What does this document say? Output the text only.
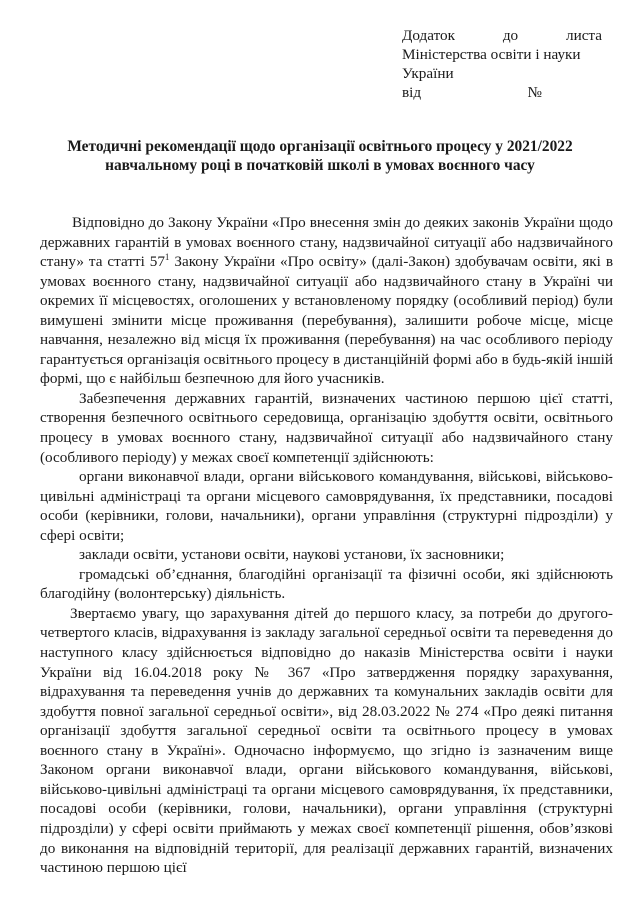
Додаток	до	листа
Міністерства освіти і науки
України
від	№
Методичні рекомендації щодо організації освітнього процесу у 2021/2022 навчальному році в початковій школі в умовах воєнного часу

Відповідно до Закону України «Про внесення змін до деяких законів України щодо державних гарантій в умовах воєнного стану, надзвичайної ситуації або надзвичайного стану» та статті $57^1$ Закону України «Про освіту» (далі-Закон) здобувачам освіти, які в умовах воєнного стану, надзвичайної ситуації або надзвичайного стану в Україні чи окремих її місцевостях, оголошених у встановленому порядку (особливий період) були вимушені змінити місце проживання (перебування), залишити робоче місце, місце навчання, незалежно від місця їх проживання (перебування) на час особливого періоду гарантується організація освітнього процесу в дистанційній формі або в будь-якій іншій формі, що є найбільш безпечною для його учасників.

Забезпечення державних гарантій, визначених частиною першою цієї статті, створення безпечного освітнього середовища, організацію здобуття освіти, освітнього процесу в умовах воєнного стану, надзвичайної ситуації або надзвичайного стану (особливого періоду) у межах своєї компетенції здійснюють:

органи виконавчої влади, органи військового командування, військові, військово-цивільні адміністраці та органи місцевого самоврядування, їх представники, посадові особи (керівники, голови, начальники), органи управління (структурні підрозділи) у сфері освіти;

заклади освіти, установи освіти, наукові установи, їх засновники;

громадські об’єднання, благодійні організації та фізичні особи, які здійснюють благодійну (волонтерську) діяльність.

Звертаємо увагу, що зарахування дітей до першого класу, за потреби до другого-четвертого класів, відрахування із закладу загальної середньої освіти та переведення до наступного класу здійснюється відповідно до наказів Міністерства освіти і науки України від 16.04.2018 року № 367 «Про затвердження порядку зарахування, відрахування та переведення учнів до державних та комунальних закладів освіти для здобуття повної загальної середньої освіти», від 28.03.2022 № 274 «Про деякі питання організації здобуття загальної середньої освіти та освітнього процесу в умовах воєнного стану в Україні». Одночасно інформуємо, що згідно із зазначеним вище Законом органи виконавчої влади, органи військового командування, військові, військово-цивільні адміністраці та органи місцевого самоврядування, їх представники, посадові особи (керівники, голови, начальники), органи управління (структурні підрозділи) у сфері освіти приймають у межах своєї компетенції рішення, обов’язкові до виконання на відповідній території, для реалізації державних гарантій, визначених частиною першою цієї
